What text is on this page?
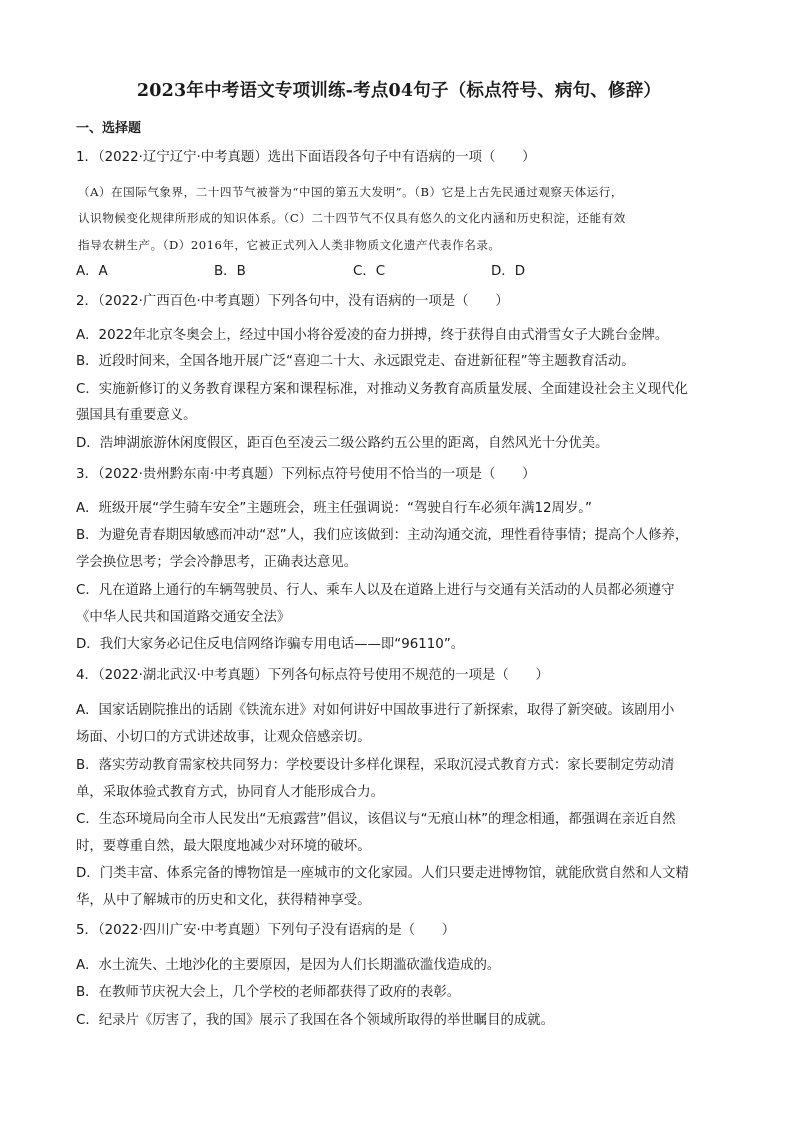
2023年中考语文专项训练-考点04句子（标点符号、病句、修辞）
一、选择题
1．（2022·辽宁辽宁·中考真题）选出下面语段各句子中有语病的一项（　　）
（A）在国际气象界，二十四节气被誉为“中国的第五大发明”。（B）它是上古先民通过观察天体运行，
认识物候变化规律所形成的知识体系。（C）二十四节气不仅具有悠久的文化内涵和历史积淀，还能有效
指导农耕生产。（D）2016年，它被正式列入人类非物质文化遗产代表作名录。
A．A	B．B	C．C	D．D
2．（2022·广西百色·中考真题）下列各句中，没有语病的一项是（　　）
A．2022年北京冬奥会上，经过中国小将谷爱凌的奋力拼搏，终于获得自由式滑雪女子大跳台金牌。
B．近段时间来，全国各地开展广泛“喜迎二十大、永远跟党走、奋进新征程”等主题教育活动。
C．实施新修订的义务教育课程方案和课程标准，对推动义务教育高质量发展、全面建设社会主义现代化
强国具有重要意义。
D．浩坤湖旅游休闲度假区，距百色至凌云二级公路约五公里的距离，自然风光十分优美。
3．（2022·贵州黔东南·中考真题）下列标点符号使用不恰当的一项是（　　）
A．班级开展“学生骑车安全”主题班会，班主任强调说：“驾驶自行车必须年满12周岁。”
B．为避免青春期因敏感而冲动“怼”人，我们应该做到：主动沟通交流，理性看待事情；提高个人修养，
学会换位思考；学会冷静思考，正确表达意见。
C．凡在道路上通行的车辆驾驶员、行人、乘车人以及在道路上进行与交通有关活动的人员都必须遵守
《中华人民共和国道路交通安全法》
D．我们大家务必记住反电信网络诈骗专用电话——即“96110”。
4．（2022·湖北武汉·中考真题）下列各句标点符号使用不规范的一项是（　　）
A．国家话剧院推出的话剧《铁流东进》对如何讲好中国故事进行了新探索，取得了新突破。该剧用小
场面、小切口的方式讲述故事，让观众倍感亲切。
B．落实劳动教育需家校共同努力：学校要设计多样化课程，采取沉浸式教育方式：家长要制定劳动清
单，采取体验式教育方式，协同育人才能形成合力。
C．生态环境局向全市人民发出“无痕露营”倡议，该倡议与“无痕山林”的理念相通，都强调在亲近自然
时，要尊重自然，最大限度地减少对环境的破坏。
D．门类丰富、体系完备的博物馆是一座城市的文化家园。人们只要走进博物馆，就能欣赏自然和人文精
华，从中了解城市的历史和文化，获得精神享受。
5．（2022·四川广安·中考真题）下列句子没有语病的是（　　）
A．水土流失、土地沙化的主要原因，是因为人们长期滥砍滥伐造成的。
B．在教师节庆祝大会上，几个学校的老师都获得了政府的表彰。
C．纪录片《厉害了，我的国》展示了我国在各个领域所取得的举世瞩目的成就。
